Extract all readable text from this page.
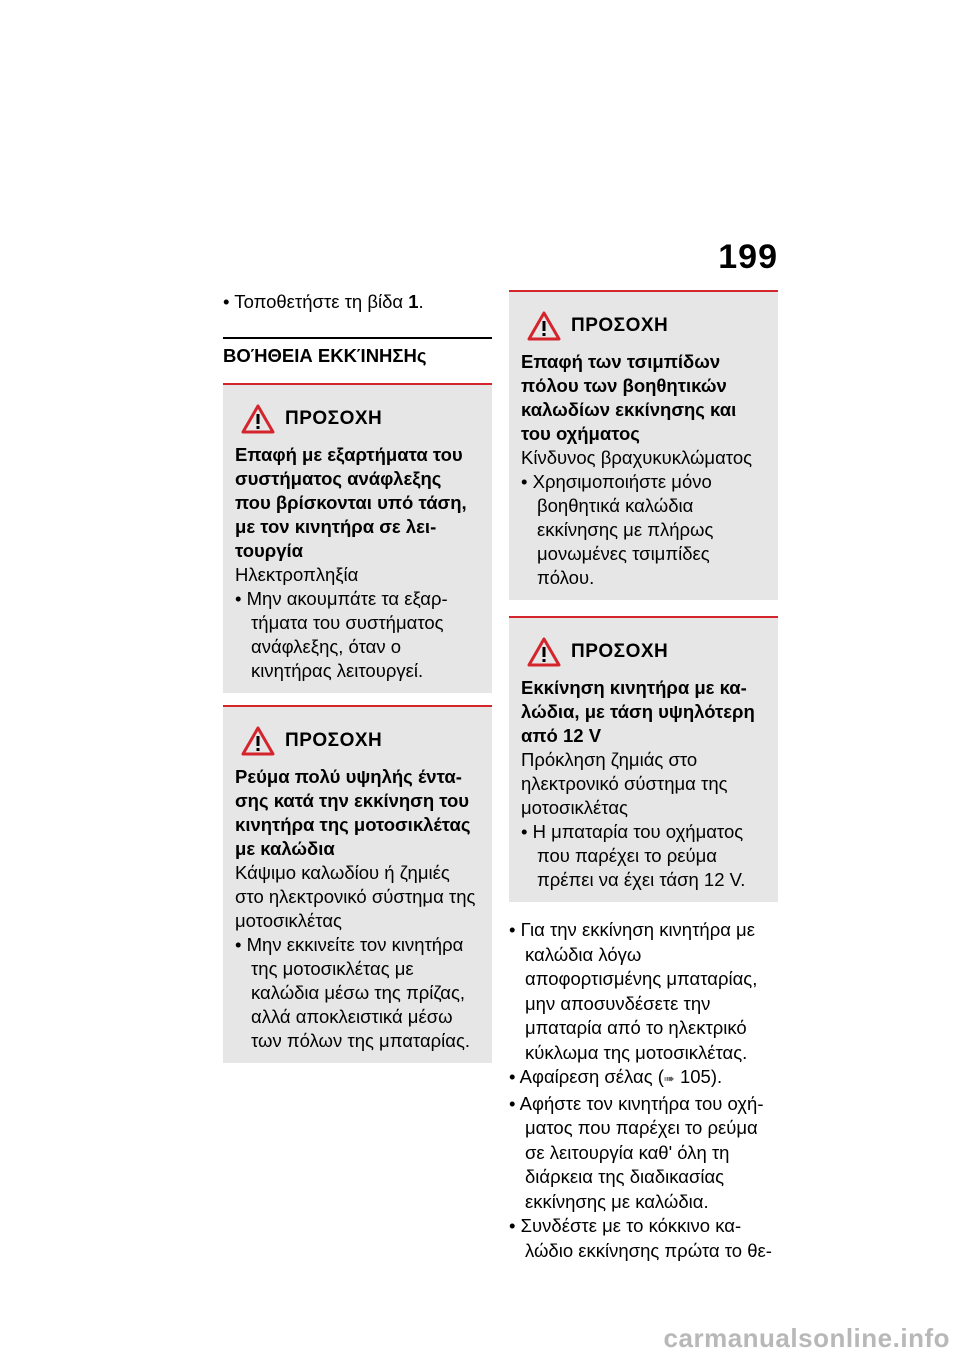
199
• Τοποθετήστε τη βίδα 1.
ΒΟΉΘΕΙΑ ΕΚΚΊΝΗΣΗς
ΠΡΟΣΟΧΗ
Επαφή με εξαρτήματα του συστήματος ανάφλεξης που βρίσκονται υπό τάση, με τον κινητήρα σε λειτουργία
Ηλεκτροπληξία
• Μην ακουμπάτε τα εξαρτήματα του συστήματος ανάφλεξης, όταν ο κινητήρας λειτουργεί.
ΠΡΟΣΟΧΗ
Ρεύμα πολύ υψηλής έντασης κατά την εκκίνηση του κινητήρα της μοτοσικλέτας με καλώδια
Κάψιμο καλωδίου ή ζημιές στο ηλεκτρονικό σύστημα της μοτοσικλέτας
• Μην εκκινείτε τον κινητήρα της μοτοσικλέτας με καλώδια μέσω της πρίζας, αλλά αποκλειστικά μέσω των πόλων της μπαταρίας.
ΠΡΟΣΟΧΗ
Επαφή των τσιμπίδων πόλου των βοηθητικών καλωδίων εκκίνησης και του οχήματος
Κίνδυνος βραχυκυκλώματος
• Χρησιμοποιήστε μόνο βοηθητικά καλώδια εκκίνησης με πλήρως μονωμένες τσιμπίδες πόλου.
ΠΡΟΣΟΧΗ
Εκκίνηση κινητήρα με καλώδια, με τάση υψηλότερη από 12 V
Πρόκληση ζημιάς στο ηλεκτρονικό σύστημα της μοτοσικλέτας
• Η μπαταρία του οχήματος που παρέχει το ρεύμα πρέπει να έχει τάση 12 V.
• Για την εκκίνηση κινητήρα με καλώδια λόγω αποφορτισμένης μπαταρίας, μην αποσυνδέσετε την μπαταρία από το ηλεκτρικό κύκλωμα της μοτοσικλέτας.
• Αφαίρεση σέλας (➠ 105).
• Αφήστε τον κινητήρα του οχήματος που παρέχει το ρεύμα σε λειτουργία καθ' όλη τη διάρκεια της διαδικασίας εκκίνησης με καλώδια.
• Συνδέστε με το κόκκινο καλώδιο εκκίνησης πρώτα το θε-
carmanualsonline.info
